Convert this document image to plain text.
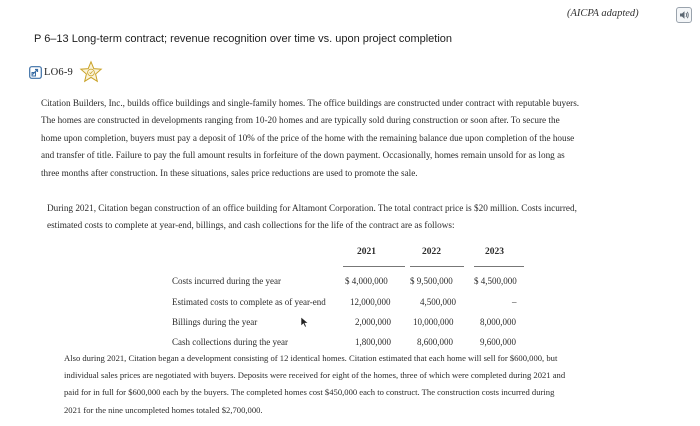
(AICPA adapted)
P 6–13 Long-term contract; revenue recognition over time vs. upon project completion
LO6-9
Citation Builders, Inc., builds office buildings and single-family homes. The office buildings are constructed under contract with reputable buyers.
The homes are constructed in developments ranging from 10-20 homes and are typically sold during construction or soon after. To secure the
home upon completion, buyers must pay a deposit of 10% of the price of the home with the remaining balance due upon completion of the house
and transfer of title. Failure to pay the full amount results in forfeiture of the down payment. Occasionally, homes remain unsold for as long as
three months after construction. In these situations, sales price reductions are used to promote the sale.
During 2021, Citation began construction of an office building for Altamont Corporation. The total contract price is $20 million. Costs incurred,
estimated costs to complete at year-end, billings, and cash collections for the life of the contract are as follows:
2021	2022	2023
Costs incurred during the year	$ 4,000,000 $ 9,500,000 $ 4,500,000
Estimated costs to complete as of year-end	12,000,000	4,500,000	–
Billings during the year	2,000,000 10,000,000	8,000,000
Cash collections during the year	1,800,000	8,600,000	9,600,000
Also during 2021, Citation began a development consisting of 12 identical homes. Citation estimated that each home will sell for $600,000, but
individual sales prices are negotiated with buyers. Deposits were received for eight of the homes, three of which were completed during 2021 and
paid for in full for $600,000 each by the buyers. The completed homes cost $450,000 each to construct. The construction costs incurred during
2021 for the nine uncompleted homes totaled $2,700,000.
